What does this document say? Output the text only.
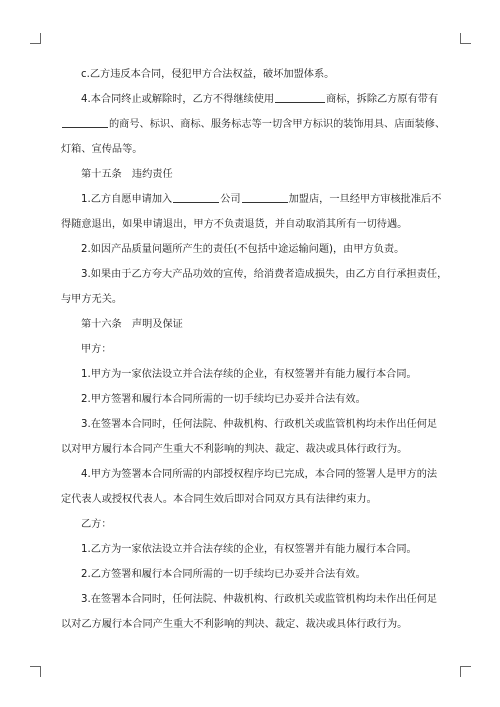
c.乙方违反本合同，侵犯甲方合法权益，破坏加盟体系。

4.本合同终止或解除时，乙方不得继续使用	商标，拆除乙方原有带有

的商号、标识、商标、服务标志等一切含甲方标识的装饰用具、店面装修、

灯箱、宣传品等。

第十五条　违约责任

1.乙方自愿申请加入	公司	加盟店，一旦经甲方审核批准后不

得随意退出，如果申请退出，甲方不负责退货，并自动取消其所有一切待遇。

2.如因产品质量问题所产生的责任(不包括中途运输问题)，由甲方负责。

3.如果由于乙方夸大产品功效的宣传，给消费者造成损失，由乙方自行承担责任，

与甲方无关。

第十六条　声明及保证

甲方：

1.甲方为一家依法设立并合法存续的企业，有权签署并有能力履行本合同。

2.甲方签署和履行本合同所需的一切手续均已办妥并合法有效。

3.在签署本合同时，任何法院、仲裁机构、行政机关或监管机构均未作出任何足

以对甲方履行本合同产生重大不利影响的判决、裁定、裁决或具体行政行为。

4.甲方为签署本合同所需的内部授权程序均已完成，本合同的签署人是甲方的法

定代表人或授权代表人。本合同生效后即对合同双方具有法律约束力。

乙方：

1.乙方为一家依法设立并合法存续的企业，有权签署并有能力履行本合同。

2.乙方签署和履行本合同所需的一切手续均已办妥并合法有效。

3.在签署本合同时，任何法院、仲裁机构、行政机关或监管机构均未作出任何足

以对乙方履行本合同产生重大不利影响的判决、裁定、裁决或具体行政行为。
